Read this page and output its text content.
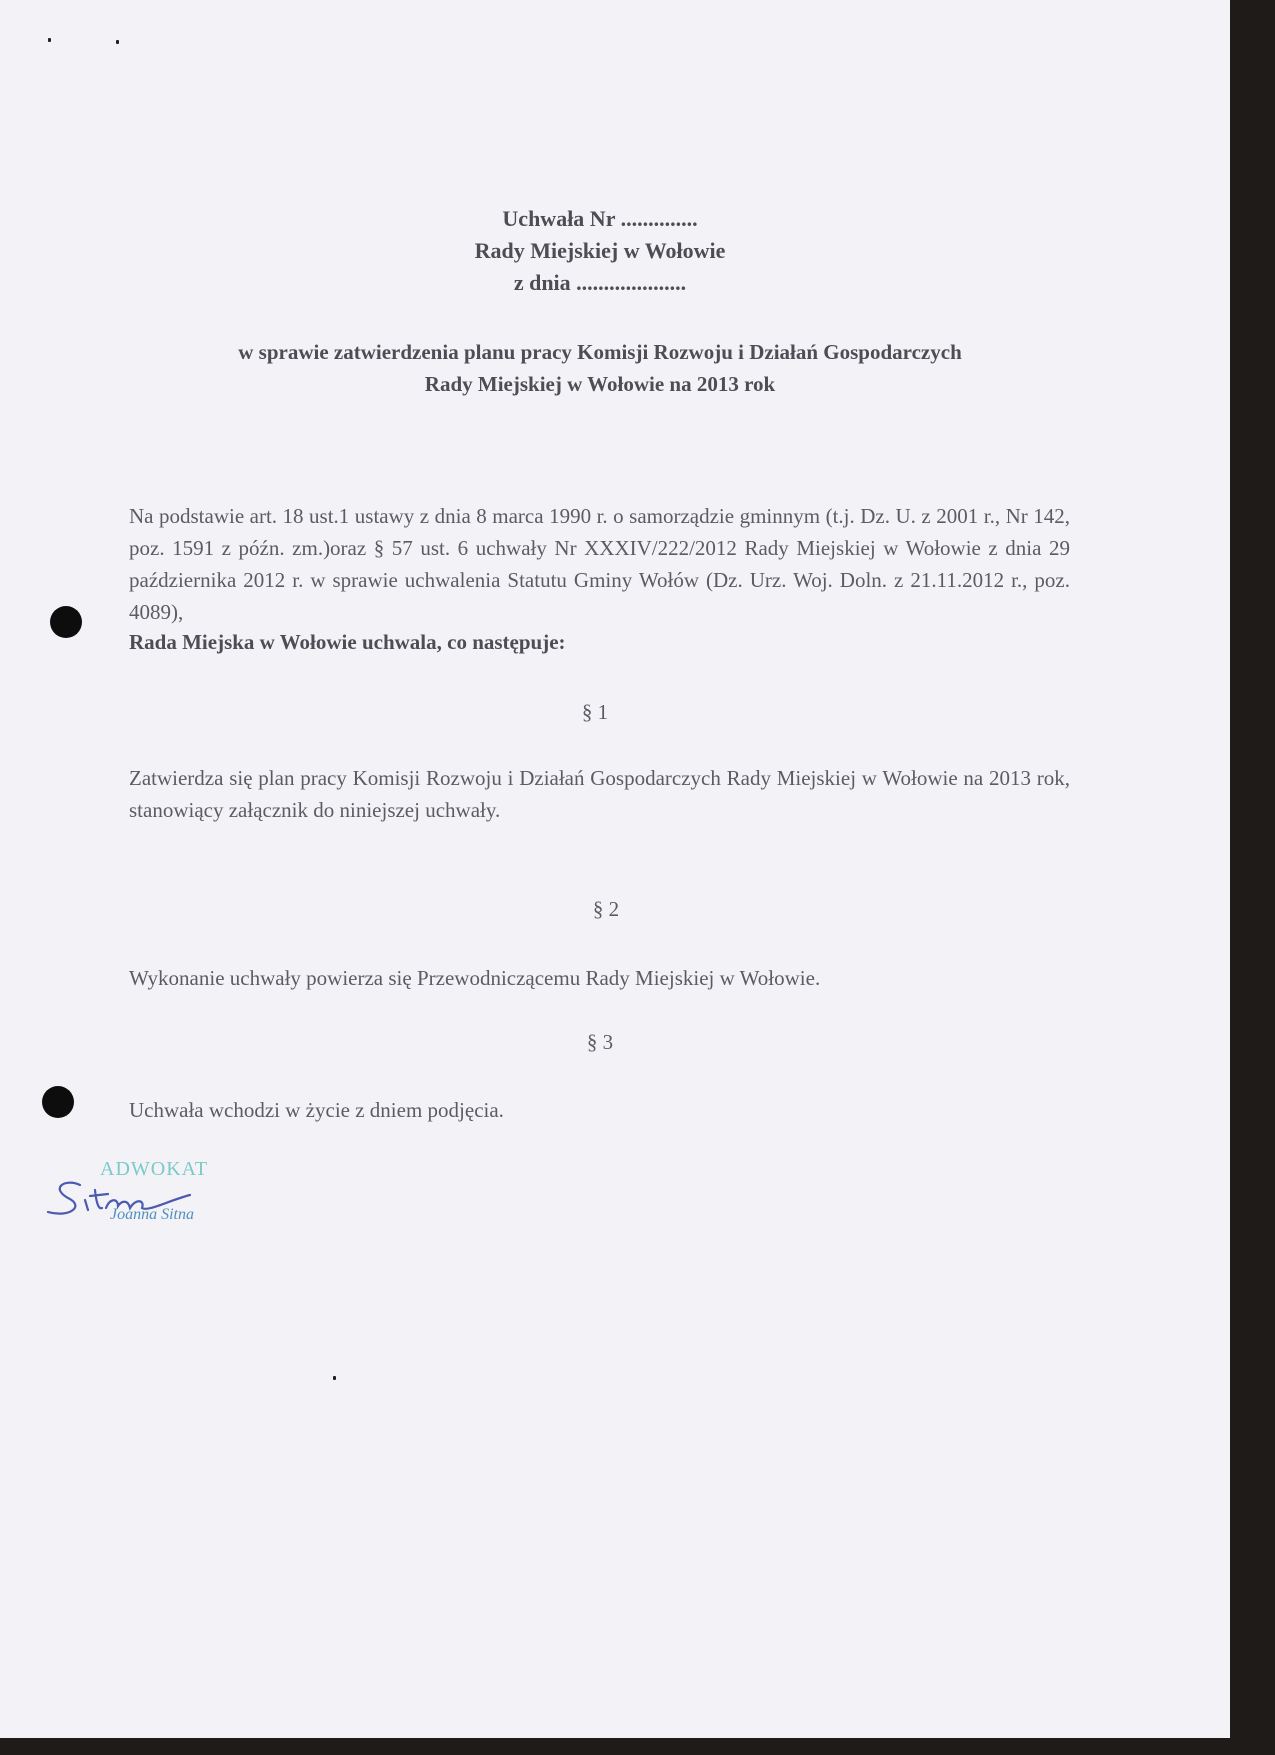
Uchwała Nr ..............
Rady Miejskiej w Wołowie
z dnia ....................
w sprawie zatwierdzenia planu pracy Komisji Rozwoju i Działań Gospodarczych
Rady Miejskiej w Wołowie na 2013 rok
Na podstawie art. 18 ust.1 ustawy z dnia 8 marca 1990 r. o samorządzie gminnym (t.j. Dz. U. z 2001 r., Nr 142, poz. 1591 z późn. zm.)oraz § 57 ust. 6 uchwały Nr XXXIV/222/2012 Rady Miejskiej w Wołowie z dnia 29 października 2012 r. w sprawie uchwalenia Statutu Gminy Wołów (Dz. Urz. Woj. Doln. z 21.11.2012 r., poz. 4089),
Rada Miejska w Wołowie uchwala, co następuje:
§ 1
Zatwierdza się plan pracy Komisji Rozwoju i Działań Gospodarczych Rady Miejskiej w Wołowie na 2013 rok, stanowiący załącznik do niniejszej uchwały.
§ 2
Wykonanie uchwały powierza się Przewodniczącemu Rady Miejskiej w Wołowie.
§ 3
Uchwała wchodzi w życie z dniem podjęcia.
ADWOKAT
Joanna Sitna
